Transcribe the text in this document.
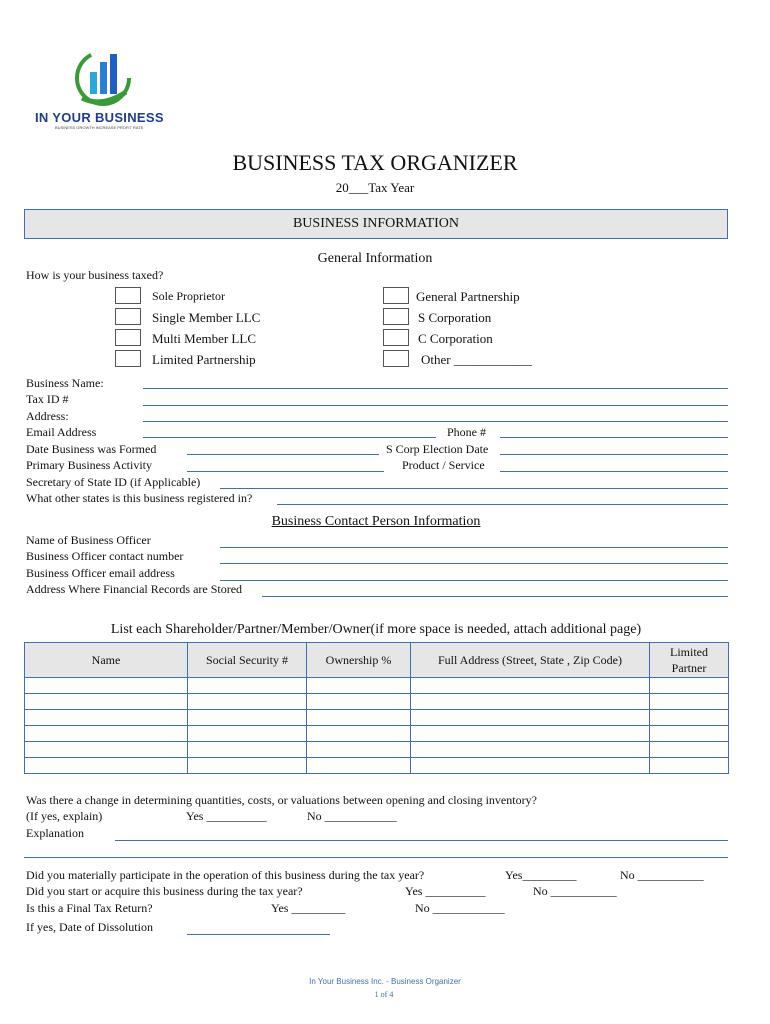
IN YOUR BUSINESS
BUSINESS GROWTH INCREASE PROFIT RATE
BUSINESS TAX ORGANIZER
20___Tax Year
BUSINESS INFORMATION
General Information
How is your business taxed?
Sole Proprietor
Single Member LLC
Multi Member LLC
Limited Partnership
General Partnership
S Corporation
C Corporation
Other ____________
Business Name:
Tax ID #
Address:
Email Address	Phone #
Date Business was Formed	S Corp Election Date
Primary Business Activity	Product / Service
Secretary of State ID (if Applicable)
What other states is this business registered in?
Business Contact Person Information
Name of Business Officer
Business Officer contact number
Business Officer email address
Address Where Financial Records are Stored
List each Shareholder/Partner/Member/Owner(if more space is needed, attach additional page)
Name	Social Security #	Ownership %	Full Address (Street, State , Zip Code)	Limited
Partner

Was there a change in determining quantities, costs, or valuations between opening and closing inventory?
(If yes, explain)	Yes __________	No ____________
Explanation
Did you materially participate in the operation of this business during the tax year?	Yes_________	No ___________
Did you start or acquire this business during the tax year?	Yes __________	No ___________
Is this a Final Tax Return?	Yes _________	No ____________
If yes, Date of Dissolution
In Your Business Inc. - Business Organizer
1 of 4
